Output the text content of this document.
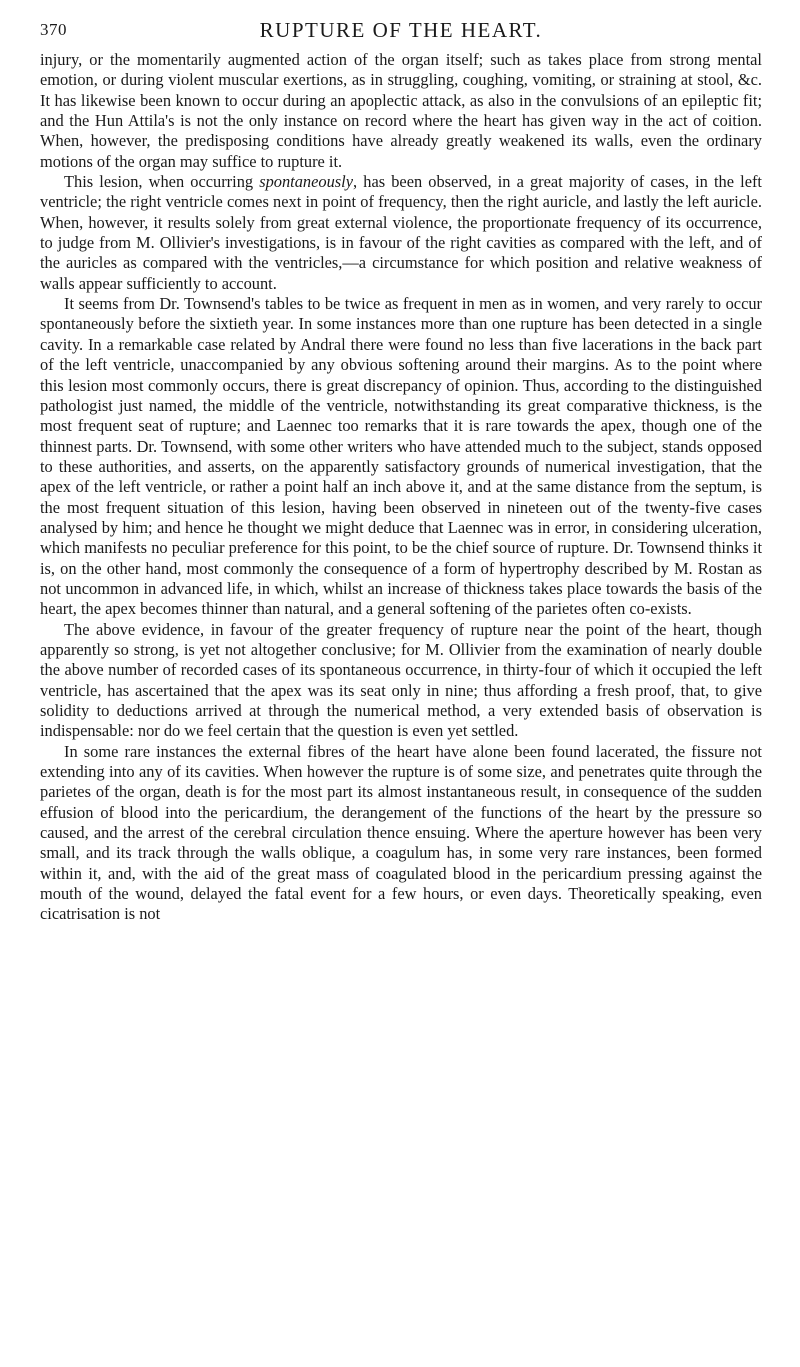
370	RUPTURE OF THE HEART.

injury, or the momentarily augmented action of the organ itself; such as takes place from strong mental emotion, or during violent muscular exertions, as in struggling, coughing, vomiting, or straining at stool, &c. It has likewise been known to occur during an apoplectic attack, as also in the convulsions of an epileptic fit; and the Hun Attila's is not the only instance on record where the heart has given way in the act of coition. When, however, the predisposing conditions have already greatly weakened its walls, even the ordinary motions of the organ may suffice to rupture it.

This lesion, when occurring spontaneously, has been observed, in a great majority of cases, in the left ventricle; the right ventricle comes next in point of frequency, then the right auricle, and lastly the left auricle. When, however, it results solely from great external violence, the proportionate frequency of its occurrence, to judge from M. Ollivier's investigations, is in favour of the right cavities as compared with the left, and of the auricles as compared with the ventricles,—a circumstance for which position and relative weakness of walls appear sufficiently to account.

It seems from Dr. Townsend's tables to be twice as frequent in men as in women, and very rarely to occur spontaneously before the sixtieth year. In some instances more than one rupture has been detected in a single cavity. In a remarkable case related by Andral there were found no less than five lacerations in the back part of the left ventricle, unaccompanied by any obvious softening around their margins. As to the point where this lesion most commonly occurs, there is great discrepancy of opinion. Thus, according to the distinguished pathologist just named, the middle of the ventricle, notwithstanding its great comparative thickness, is the most frequent seat of rupture; and Laennec too remarks that it is rare towards the apex, though one of the thinnest parts. Dr. Townsend, with some other writers who have attended much to the subject, stands opposed to these authorities, and asserts, on the apparently satisfactory grounds of numerical investigation, that the apex of the left ventricle, or rather a point half an inch above it, and at the same distance from the septum, is the most frequent situation of this lesion, having been observed in nineteen out of the twenty-five cases analysed by him; and hence he thought we might deduce that Laennec was in error, in considering ulceration, which manifests no peculiar preference for this point, to be the chief source of rupture. Dr. Townsend thinks it is, on the other hand, most commonly the consequence of a form of hypertrophy described by M. Rostan as not uncommon in advanced life, in which, whilst an increase of thickness takes place towards the basis of the heart, the apex becomes thinner than natural, and a general softening of the parietes often co-exists.

The above evidence, in favour of the greater frequency of rupture near the point of the heart, though apparently so strong, is yet not altogether conclusive; for M. Ollivier from the examination of nearly double the above number of recorded cases of its spontaneous occurrence, in thirty-four of which it occupied the left ventricle, has ascertained that the apex was its seat only in nine; thus affording a fresh proof, that, to give solidity to deductions arrived at through the numerical method, a very extended basis of observation is indispensable: nor do we feel certain that the question is even yet settled.

In some rare instances the external fibres of the heart have alone been found lacerated, the fissure not extending into any of its cavities. When however the rupture is of some size, and penetrates quite through the parietes of the organ, death is for the most part its almost instantaneous result, in consequence of the sudden effusion of blood into the pericardium, the derangement of the functions of the heart by the pressure so caused, and the arrest of the cerebral circulation thence ensuing. Where the aperture however has been very small, and its track through the walls oblique, a coagulum has, in some very rare instances, been formed within it, and, with the aid of the great mass of coagulated blood in the pericardium pressing against the mouth of the wound, delayed the fatal event for a few hours, or even days. Theoretically speaking, even cicatrisation is not
